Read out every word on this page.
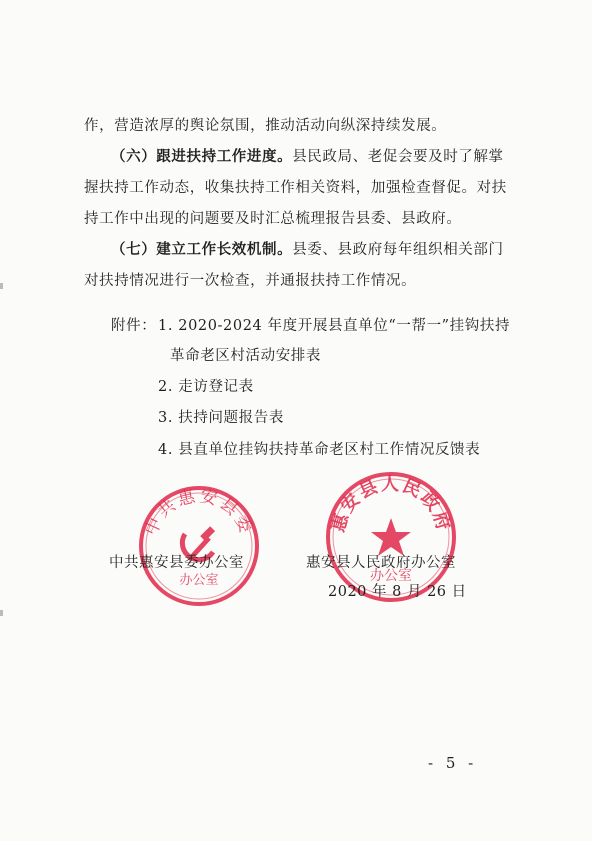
作，营造浓厚的舆论氛围，推动活动向纵深持续发展。
（六）跟进扶持工作进度。县民政局、老促会要及时了解掌
握扶持工作动态，收集扶持工作相关资料，加强检查督促。对扶
持工作中出现的问题要及时汇总梳理报告县委、县政府。
（七）建立工作长效机制。县委、县政府每年组织相关部门
对扶持情况进行一次检查，并通报扶持工作情况。
附件： 1. 2020-2024 年度开展县直单位“一帮一”挂钩扶持
革命老区村活动安排表
2. 走访登记表
3. 扶持问题报告表
4. 县直单位挂钩扶持革命老区村工作情况反馈表
中共惠安县委
办公室
惠安县人民政府
办公室
中共惠安县委办公室	惠安县人民政府办公室
2020 年 8 月 26 日
- 5 -
